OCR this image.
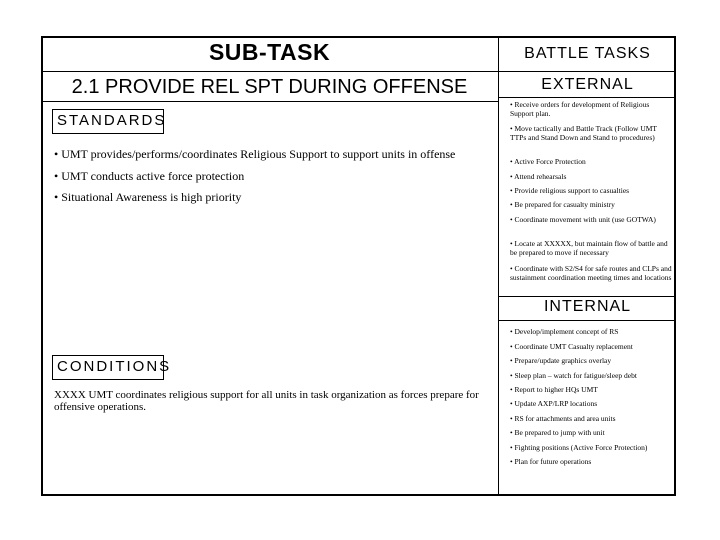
SUB-TASK
2.1 PROVIDE REL SPT DURING OFFENSE
STANDARDS
• UMT provides/performs/coordinates Religious Support to support units in offense
• UMT conducts active force protection
• Situational Awareness is high priority
CONDITIONS
XXXX UMT coordinates religious support for all units in task organization as forces prepare for offensive operations.
BATTLE TASKS
EXTERNAL
• Receive orders for development of Religious Support plan.
• Move tactically and Battle Track (Follow UMT TTPs and Stand Down and Stand to procedures)
• Active Force Protection
• Attend rehearsals
• Provide religious support to casualties
• Be prepared for casualty ministry
• Coordinate movement with unit (use GOTWA)
• Locate at XXXXX, but maintain flow of battle and be prepared to move if necessary
• Coordinate with S2/S4 for safe routes and CLPs and sustainment coordination meeting times and locations
INTERNAL
• Develop/implement concept of RS
• Coordinate UMT Casualty replacement
• Prepare/update graphics overlay
• Sleep plan – watch for fatigue/sleep debt
• Report to higher HQs UMT
• Update AXP/LRP locations
• RS for attachments and area units
• Be prepared to jump with unit
• Fighting positions (Active Force Protection)
• Plan for future operations
